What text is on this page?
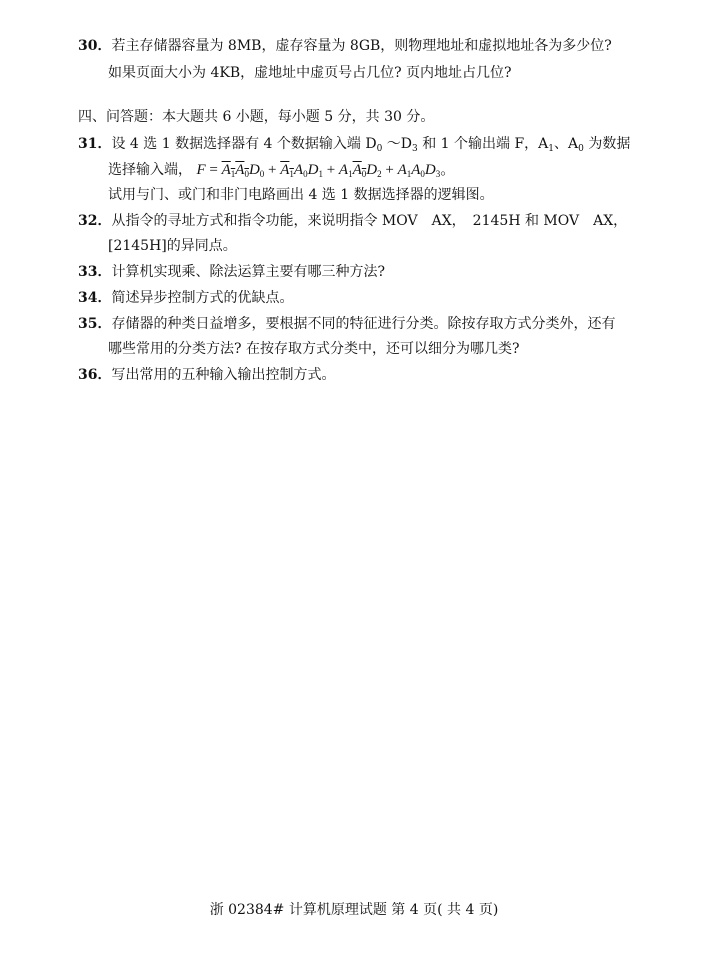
30．若主存储器容量为 8MB，虚存容量为 8GB，则物理地址和虚拟地址各为多少位?
如果页面大小为 4KB，虚地址中虚页号占几位? 页内地址占几位?
四、问答题：本大题共 6 小题，每小题 5 分，共 30 分。
31．设 4 选 1 数据选择器有 4 个数据输入端 $D_0$ $\sim D_3$ 和 1 个输出端 F，$A_1$、$A_0$ 为数据
选择输入端， $F = A_1A_0D_0 + A_1A_0D_1 + A_1A_0D_2 + A_1A_0D_3$。
试用与门、或门和非门电路画出 4 选 1 数据选择器的逻辑图。
32．从指令的寻址方式和指令功能，来说明指令 MOV　AX，　2145H 和 MOV　AX，
[2145H]的异同点。
33．计算机实现乘、除法运算主要有哪三种方法?
34．简述异步控制方式的优缺点。
35．存储器的种类日益增多，要根据不同的特征进行分类。除按存取方式分类外，还有
哪些常用的分类方法? 在按存取方式分类中，还可以细分为哪几类?
36．写出常用的五种输入输出控制方式。
浙 02384# 计算机原理试题 第 4 页( 共 4 页)
